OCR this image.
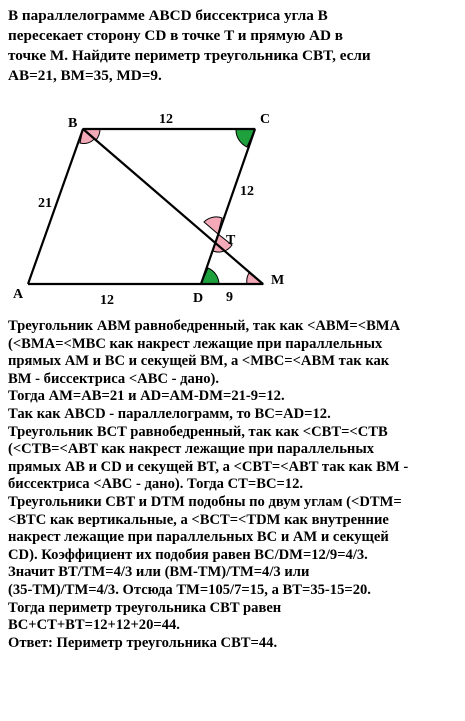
В параллелограмме ABCD биссектриса угла B
пересекает сторону CD в точке T и прямую AD в
точке M. Найдите периметр треугольника CBT, если
AB=21, BM=35, MD=9.
B	C
A	D
T
M
12
21
12
12	9
Треугольник ABM равнобедренный, так как <ABM=<BMA
(<BMA=<MBC как накрест лежащие при параллельных
прямых AM и BC и секущей BM, а <MBC=<ABM так как
BM - биссектриса <ABC - дано).
Тогда AM=AB=21 и AD=AM-DM=21-9=12.
Так как ABCD - параллелограмм, то BC=AD=12.
Треугольник BCT равнобедренный, так как <CBT=<CTB
(<CTB=<ABT как накрест лежащие при параллельных
прямых AB и CD и секущей BT, а <CBT=<ABT так как BM -
биссектриса <ABC - дано). Тогда CT=BC=12.
Треугольники CBT и DTM подобны по двум углам (<DTM=
<BTC как вертикальные, а <BCT=<TDM как внутренние
накрест лежащие при параллельных BC и AM и секущей
CD). Коэффициент их подобия равен BC/DM=12/9=4/3.
Значит BT/TM=4/3 или (BM-TM)/TM=4/3 или
(35-TM)/TM=4/3. Отсюда TM=105/7=15, а BT=35-15=20.
Тогда периметр треугольника CBT равен
BC+CT+BT=12+12+20=44.
Ответ: Периметр треугольника CBT=44.
